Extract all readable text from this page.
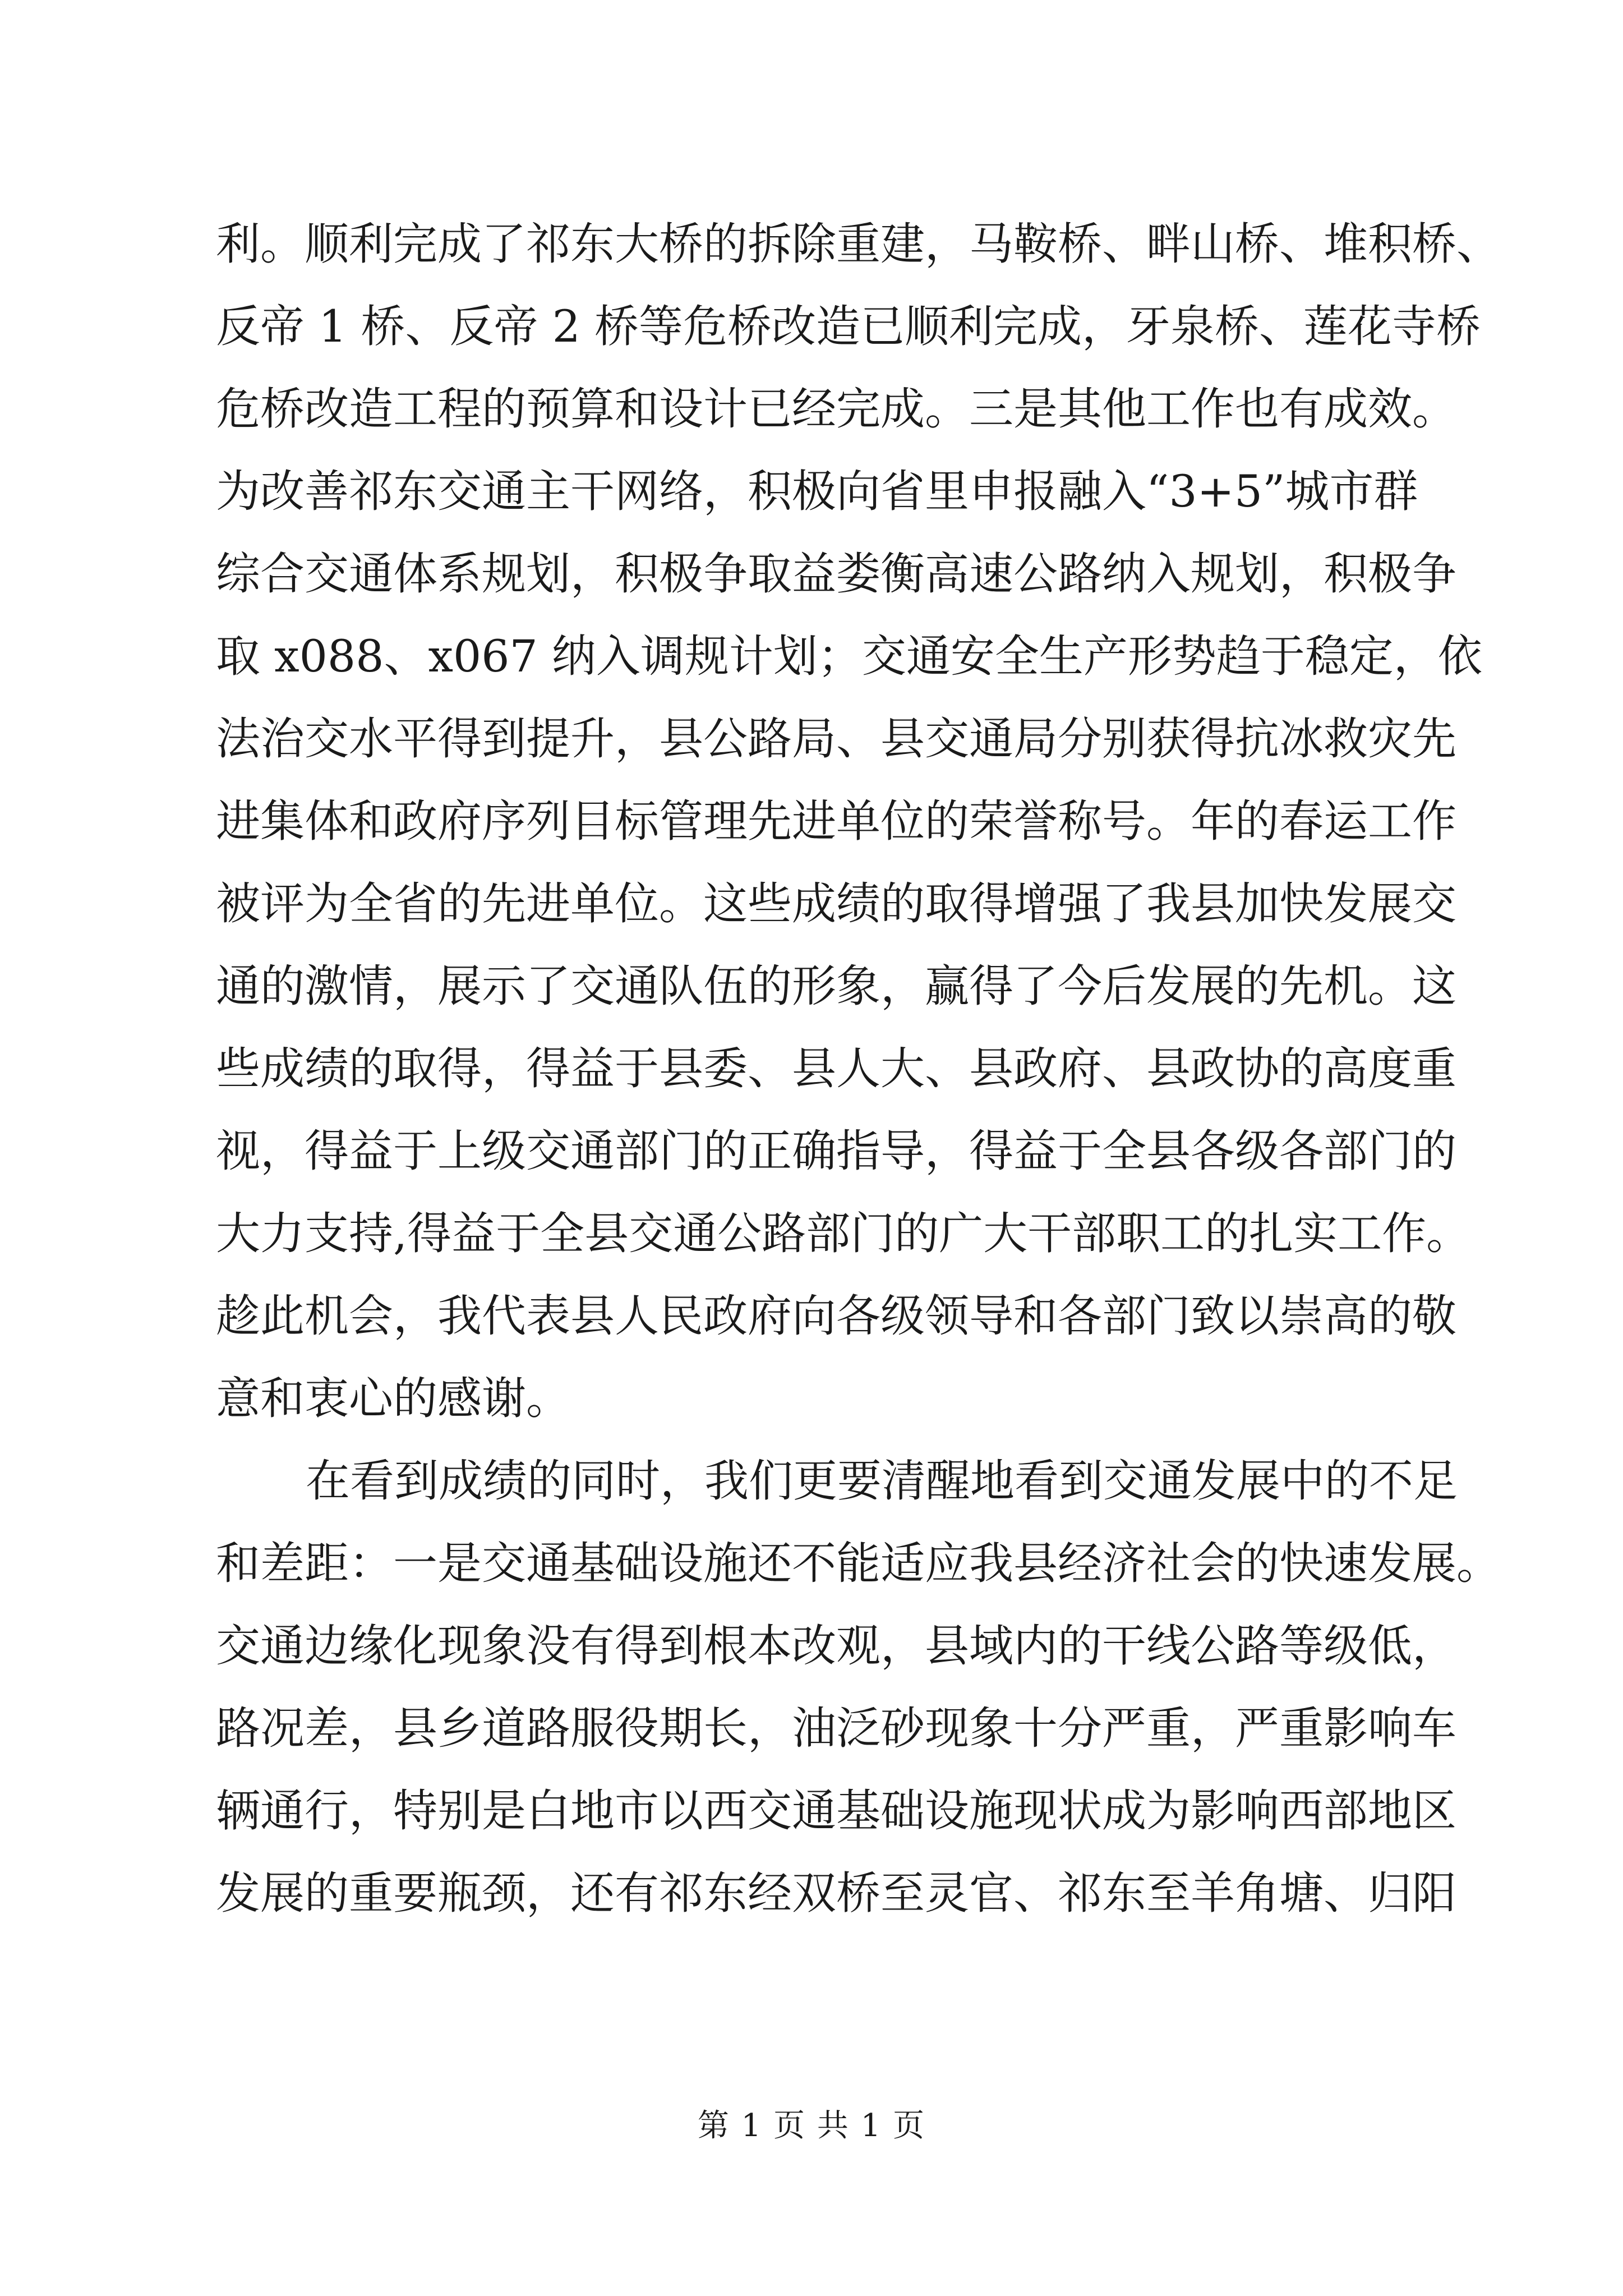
利。顺利完成了祁东大桥的拆除重建，马鞍桥、畔山桥、堆积桥、
反帝 1 桥、反帝 2 桥等危桥改造已顺利完成，牙泉桥、莲花寺桥
危桥改造工程的预算和设计已经完成。三是其他工作也有成效。
为改善祁东交通主干网络，积极向省里申报融入“3+5”城市群
综合交通体系规划，积极争取益娄衡高速公路纳入规划，积极争
取 x088、x067 纳入调规计划；交通安全生产形势趋于稳定，依
法治交水平得到提升，县公路局、县交通局分别获得抗冰救灾先
进集体和政府序列目标管理先进单位的荣誉称号。年的春运工作
被评为全省的先进单位。这些成绩的取得增强了我县加快发展交
通的激情，展示了交通队伍的形象，赢得了今后发展的先机。这
些成绩的取得，得益于县委、县人大、县政府、县政协的高度重
视，得益于上级交通部门的正确指导，得益于全县各级各部门的
大力支持,得益于全县交通公路部门的广大干部职工的扎实工作。
趁此机会，我代表县人民政府向各级领导和各部门致以崇高的敬
意和衷心的感谢。
在看到成绩的同时，我们更要清醒地看到交通发展中的不足
和差距：一是交通基础设施还不能适应我县经济社会的快速发展。
交通边缘化现象没有得到根本改观，县域内的干线公路等级低，
路况差，县乡道路服役期长，油泛砂现象十分严重，严重影响车
辆通行，特别是白地市以西交通基础设施现状成为影响西部地区
发展的重要瓶颈，还有祁东经双桥至灵官、祁东至羊角塘、归阳
第 1 页 共 1 页
